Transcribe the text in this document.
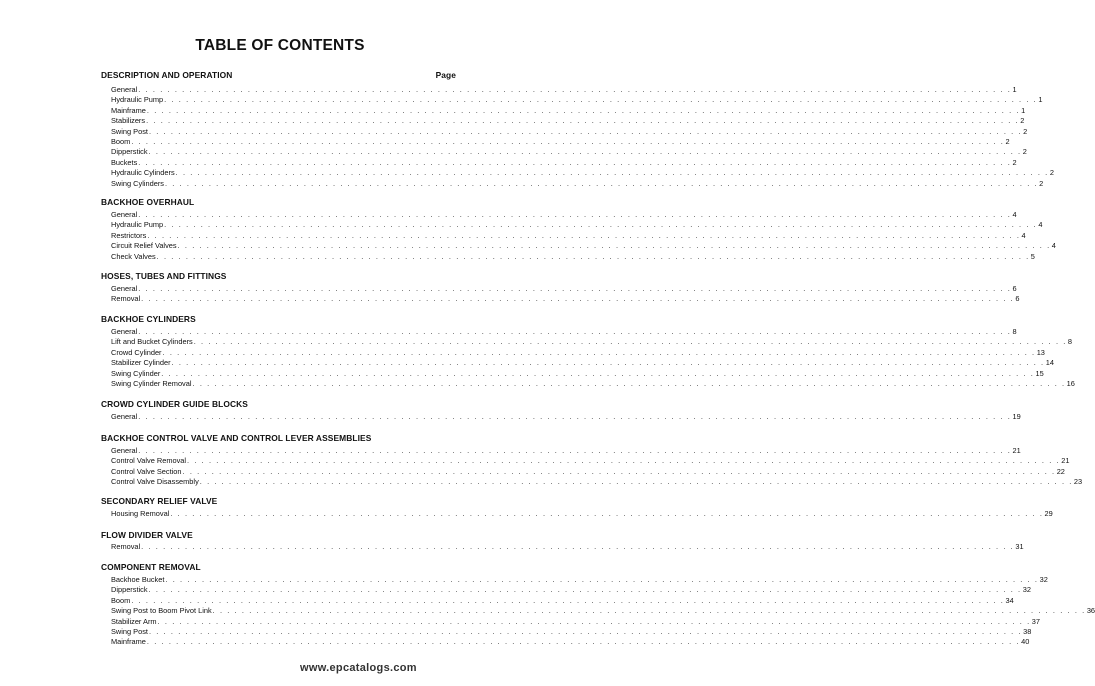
TABLE OF CONTENTS
DESCRIPTION AND OPERATION	Page
General . . . . . . . . . . . . . . . . . . . . . . . . . . . . . . . . . . . . . . . . . . . . . . . . . . . . . . . . . . . . . . . . . . . . . . . . . . . . . . . . . . . . . . . . . . . . . . . . . . . . . . . . . . . . . . . . . . . . . . . . 1
Hydraulic Pump . . . . . . . . . . . . . . . . . . . . . . . . . . . . . . . . . . . . . . . . . . . . . . . . . . . . . . . . . . . . . . . . . . . . . . . . . . . . . . . . . . . . . . . . . . . . . . . . . . . . . . . . . . . . . . . . . . . . . . . . 1
Mainframe . . . . . . . . . . . . . . . . . . . . . . . . . . . . . . . . . . . . . . . . . . . . . . . . . . . . . . . . . . . . . . . . . . . . . . . . . . . . . . . . . . . . . . . . . . . . . . . . . . . . . . . . . . . . . . . . . . . . . . . . 1
Stabilizers . . . . . . . . . . . . . . . . . . . . . . . . . . . . . . . . . . . . . . . . . . . . . . . . . . . . . . . . . . . . . . . . . . . . . . . . . . . . . . . . . . . . . . . . . . . . . . . . . . . . . . . . . . . . . . . . . . . . . . . . 2
Swing Post . . . . . . . . . . . . . . . . . . . . . . . . . . . . . . . . . . . . . . . . . . . . . . . . . . . . . . . . . . . . . . . . . . . . . . . . . . . . . . . . . . . . . . . . . . . . . . . . . . . . . . . . . . . . . . . . . . . . . . . . 2
Boom . . . . . . . . . . . . . . . . . . . . . . . . . . . . . . . . . . . . . . . . . . . . . . . . . . . . . . . . . . . . . . . . . . . . . . . . . . . . . . . . . . . . . . . . . . . . . . . . . . . . . . . . . . . . . . . . . . . . . . . . 2
Dipperstick . . . . . . . . . . . . . . . . . . . . . . . . . . . . . . . . . . . . . . . . . . . . . . . . . . . . . . . . . . . . . . . . . . . . . . . . . . . . . . . . . . . . . . . . . . . . . . . . . . . . . . . . . . . . . . . . . . . . . . . . 2
Buckets . . . . . . . . . . . . . . . . . . . . . . . . . . . . . . . . . . . . . . . . . . . . . . . . . . . . . . . . . . . . . . . . . . . . . . . . . . . . . . . . . . . . . . . . . . . . . . . . . . . . . . . . . . . . . . . . . . . . . . . . 2
Hydraulic Cylinders . . . . . . . . . . . . . . . . . . . . . . . . . . . . . . . . . . . . . . . . . . . . . . . . . . . . . . . . . . . . . . . . . . . . . . . . . . . . . . . . . . . . . . . . . . . . . . . . . . . . . . . . . . . . . . . . . . . . . . . . 2
Swing Cylinders . . . . . . . . . . . . . . . . . . . . . . . . . . . . . . . . . . . . . . . . . . . . . . . . . . . . . . . . . . . . . . . . . . . . . . . . . . . . . . . . . . . . . . . . . . . . . . . . . . . . . . . . . . . . . . . . . . . . . . . . 2
BACKHOE OVERHAUL
General . . . . . . . . . . . . . . . . . . . . . . . . . . . . . . . . . . . . . . . . . . . . . . . . . . . . . . . . . . . . . . . . . . . . . . . . . . . . . . . . . . . . . . . . . . . . . . . . . . . . . . . . . . . . . . . . . . . . . . . . 4
Hydraulic Pump . . . . . . . . . . . . . . . . . . . . . . . . . . . . . . . . . . . . . . . . . . . . . . . . . . . . . . . . . . . . . . . . . . . . . . . . . . . . . . . . . . . . . . . . . . . . . . . . . . . . . . . . . . . . . . . . . . . . . . . . 4
Restrictors . . . . . . . . . . . . . . . . . . . . . . . . . . . . . . . . . . . . . . . . . . . . . . . . . . . . . . . . . . . . . . . . . . . . . . . . . . . . . . . . . . . . . . . . . . . . . . . . . . . . . . . . . . . . . . . . . . . . . . . . 4
Circuit Relief Valves . . . . . . . . . . . . . . . . . . . . . . . . . . . . . . . . . . . . . . . . . . . . . . . . . . . . . . . . . . . . . . . . . . . . . . . . . . . . . . . . . . . . . . . . . . . . . . . . . . . . . . . . . . . . . . . . . . . . . . . . 4
Check Valves . . . . . . . . . . . . . . . . . . . . . . . . . . . . . . . . . . . . . . . . . . . . . . . . . . . . . . . . . . . . . . . . . . . . . . . . . . . . . . . . . . . . . . . . . . . . . . . . . . . . . . . . . . . . . . . . . . . . . . . . 5
HOSES, TUBES AND FITTINGS
General . . . . . . . . . . . . . . . . . . . . . . . . . . . . . . . . . . . . . . . . . . . . . . . . . . . . . . . . . . . . . . . . . . . . . . . . . . . . . . . . . . . . . . . . . . . . . . . . . . . . . . . . . . . . . . . . . . . . . . . . 6
Removal . . . . . . . . . . . . . . . . . . . . . . . . . . . . . . . . . . . . . . . . . . . . . . . . . . . . . . . . . . . . . . . . . . . . . . . . . . . . . . . . . . . . . . . . . . . . . . . . . . . . . . . . . . . . . . . . . . . . . . . . 6
BACKHOE CYLINDERS
General . . . . . . . . . . . . . . . . . . . . . . . . . . . . . . . . . . . . . . . . . . . . . . . . . . . . . . . . . . . . . . . . . . . . . . . . . . . . . . . . . . . . . . . . . . . . . . . . . . . . . . . . . . . . . . . . . . . . . . . . 8
Lift and Bucket Cylinders . . . . . . . . . . . . . . . . . . . . . . . . . . . . . . . . . . . . . . . . . . . . . . . . . . . . . . . . . . . . . . . . . . . . . . . . . . . . . . . . . . . . . . . . . . . . . . . . . . . . . . . . . . . . . . . . . . . . . . . . 8
Crowd Cylinder . . . . . . . . . . . . . . . . . . . . . . . . . . . . . . . . . . . . . . . . . . . . . . . . . . . . . . . . . . . . . . . . . . . . . . . . . . . . . . . . . . . . . . . . . . . . . . . . . . . . . . . . . . . . . . . . . . . . . . . . 13
Stabilizer Cylinder . . . . . . . . . . . . . . . . . . . . . . . . . . . . . . . . . . . . . . . . . . . . . . . . . . . . . . . . . . . . . . . . . . . . . . . . . . . . . . . . . . . . . . . . . . . . . . . . . . . . . . . . . . . . . . . . . . . . . . . . 14
Swing Cylinder . . . . . . . . . . . . . . . . . . . . . . . . . . . . . . . . . . . . . . . . . . . . . . . . . . . . . . . . . . . . . . . . . . . . . . . . . . . . . . . . . . . . . . . . . . . . . . . . . . . . . . . . . . . . . . . . . . . . . . . . 15
Swing Cylinder Removal . . . . . . . . . . . . . . . . . . . . . . . . . . . . . . . . . . . . . . . . . . . . . . . . . . . . . . . . . . . . . . . . . . . . . . . . . . . . . . . . . . . . . . . . . . . . . . . . . . . . . . . . . . . . . . . . . . . . . . . . 16
CROWD CYLINDER GUIDE BLOCKS
General . . . . . . . . . . . . . . . . . . . . . . . . . . . . . . . . . . . . . . . . . . . . . . . . . . . . . . . . . . . . . . . . . . . . . . . . . . . . . . . . . . . . . . . . . . . . . . . . . . . . . . . . . . . . . . . . . . . . . . . . 19
BACKHOE CONTROL VALVE AND CONTROL LEVER ASSEMBLIES
General . . . . . . . . . . . . . . . . . . . . . . . . . . . . . . . . . . . . . . . . . . . . . . . . . . . . . . . . . . . . . . . . . . . . . . . . . . . . . . . . . . . . . . . . . . . . . . . . . . . . . . . . . . . . . . . . . . . . . . . . 21
Control Valve Removal . . . . . . . . . . . . . . . . . . . . . . . . . . . . . . . . . . . . . . . . . . . . . . . . . . . . . . . . . . . . . . . . . . . . . . . . . . . . . . . . . . . . . . . . . . . . . . . . . . . . . . . . . . . . . . . . . . . . . . . . 21
Control Valve Section . . . . . . . . . . . . . . . . . . . . . . . . . . . . . . . . . . . . . . . . . . . . . . . . . . . . . . . . . . . . . . . . . . . . . . . . . . . . . . . . . . . . . . . . . . . . . . . . . . . . . . . . . . . . . . . . . . . . . . . . 22
Control Valve Disassembly . . . . . . . . . . . . . . . . . . . . . . . . . . . . . . . . . . . . . . . . . . . . . . . . . . . . . . . . . . . . . . . . . . . . . . . . . . . . . . . . . . . . . . . . . . . . . . . . . . . . . . . . . . . . . . . . . . . . . . . . 23
SECONDARY RELIEF VALVE
Housing Removal . . . . . . . . . . . . . . . . . . . . . . . . . . . . . . . . . . . . . . . . . . . . . . . . . . . . . . . . . . . . . . . . . . . . . . . . . . . . . . . . . . . . . . . . . . . . . . . . . . . . . . . . . . . . . . . . . . . . . . . . 29
FLOW DIVIDER VALVE
Removal . . . . . . . . . . . . . . . . . . . . . . . . . . . . . . . . . . . . . . . . . . . . . . . . . . . . . . . . . . . . . . . . . . . . . . . . . . . . . . . . . . . . . . . . . . . . . . . . . . . . . . . . . . . . . . . . . . . . . . . . 31
COMPONENT REMOVAL
Backhoe Bucket . . . . . . . . . . . . . . . . . . . . . . . . . . . . . . . . . . . . . . . . . . . . . . . . . . . . . . . . . . . . . . . . . . . . . . . . . . . . . . . . . . . . . . . . . . . . . . . . . . . . . . . . . . . . . . . . . . . . . . . . 32
Dipperstick . . . . . . . . . . . . . . . . . . . . . . . . . . . . . . . . . . . . . . . . . . . . . . . . . . . . . . . . . . . . . . . . . . . . . . . . . . . . . . . . . . . . . . . . . . . . . . . . . . . . . . . . . . . . . . . . . . . . . . . . 32
Boom . . . . . . . . . . . . . . . . . . . . . . . . . . . . . . . . . . . . . . . . . . . . . . . . . . . . . . . . . . . . . . . . . . . . . . . . . . . . . . . . . . . . . . . . . . . . . . . . . . . . . . . . . . . . . . . . . . . . . . . . 34
Swing Post to Boom Pivot Link . . . . . . . . . . . . . . . . . . . . . . . . . . . . . . . . . . . . . . . . . . . . . . . . . . . . . . . . . . . . . . . . . . . . . . . . . . . . . . . . . . . . . . . . . . . . . . . . . . . . . . . . . . . . . . . . . . . . . . . . 36
Stabilizer Arm . . . . . . . . . . . . . . . . . . . . . . . . . . . . . . . . . . . . . . . . . . . . . . . . . . . . . . . . . . . . . . . . . . . . . . . . . . . . . . . . . . . . . . . . . . . . . . . . . . . . . . . . . . . . . . . . . . . . . . . . 37
Swing Post . . . . . . . . . . . . . . . . . . . . . . . . . . . . . . . . . . . . . . . . . . . . . . . . . . . . . . . . . . . . . . . . . . . . . . . . . . . . . . . . . . . . . . . . . . . . . . . . . . . . . . . . . . . . . . . . . . . . . . . . 38
Mainframe . . . . . . . . . . . . . . . . . . . . . . . . . . . . . . . . . . . . . . . . . . . . . . . . . . . . . . . . . . . . . . . . . . . . . . . . . . . . . . . . . . . . . . . . . . . . . . . . . . . . . . . . . . . . . . . . . . . . . . . . 40
www.epcatalogs.com
